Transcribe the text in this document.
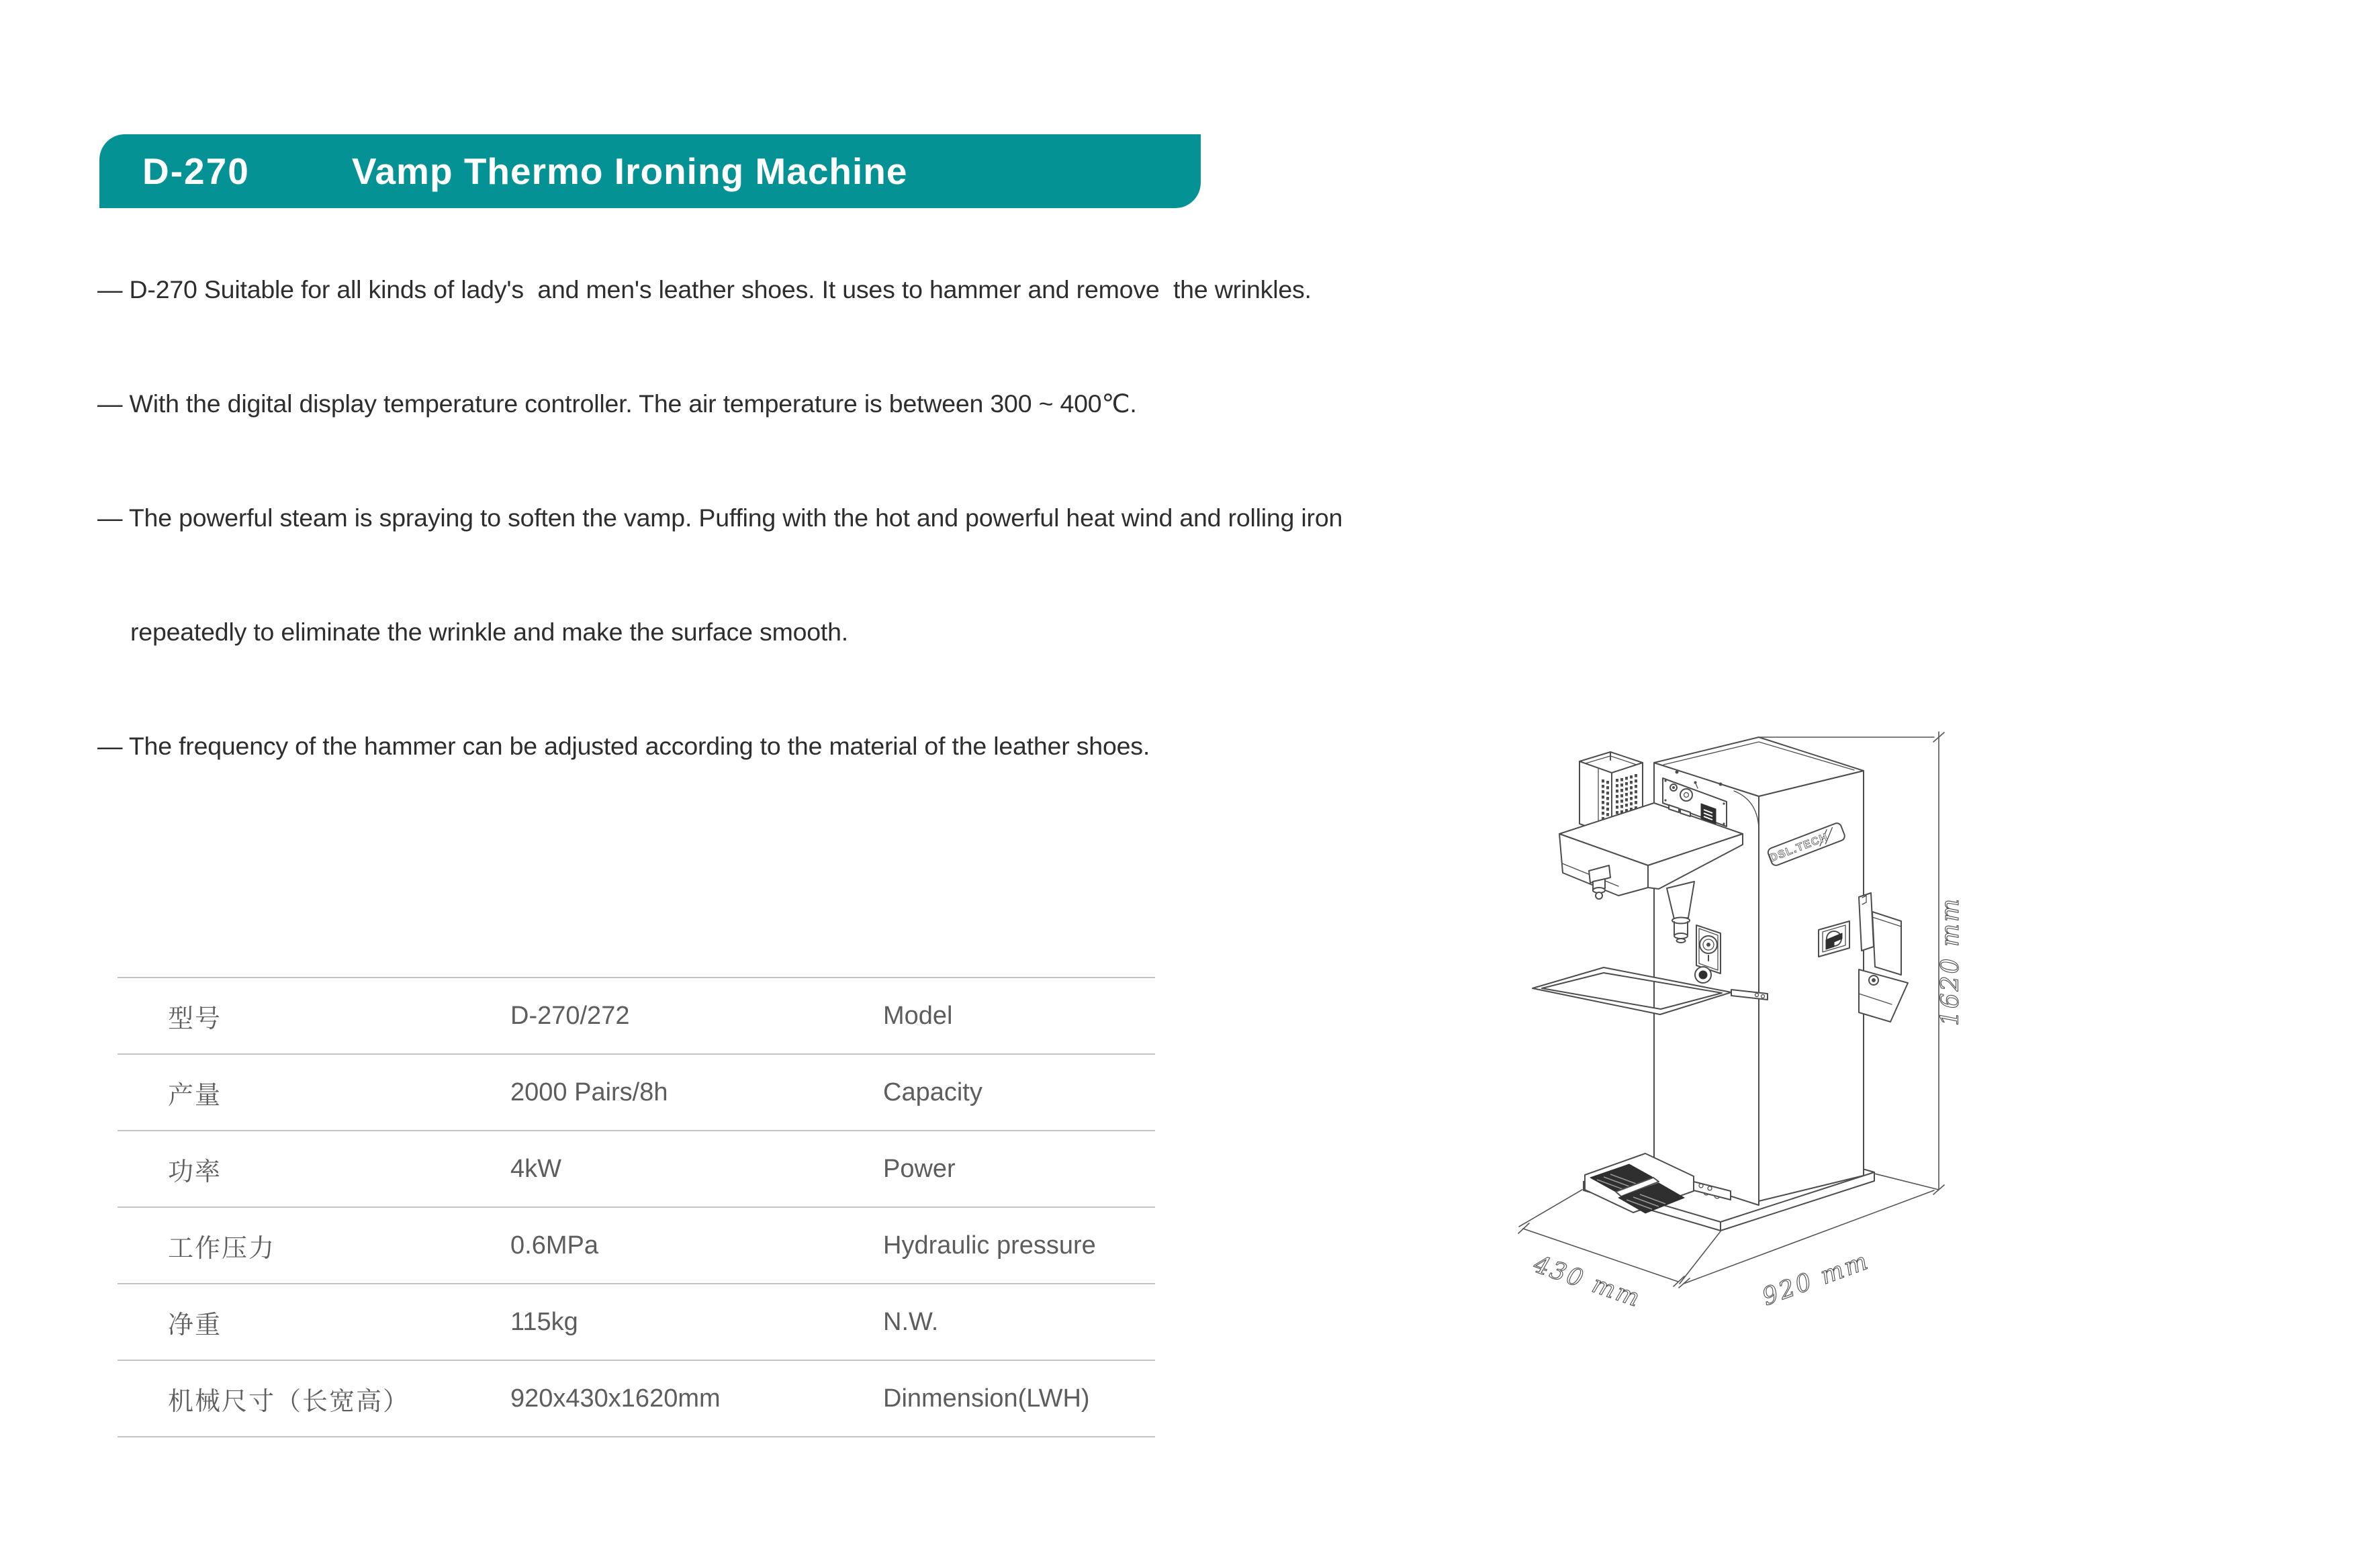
D-270	Vamp Thermo Ironing Machine

— D-270 Suitable for all kinds of lady's  and men's leather shoes. It uses to hammer and remove  the wrinkles.

— With the digital display temperature controller. The air temperature is between 300 ~ 400℃.

— The powerful steam is spraying to soften the vamp. Puffing with the hot and powerful heat wind and rolling iron

repeatedly to eliminate the wrinkle and make the surface smooth.

— The frequency of the hammer can be adjusted according to the material of the leather shoes.

型号	D-270/272	Model
产量	2000 Pairs/8h	Capacity
功率	4kW	Power
工作压力	0.6MPa	Hydraulic pressure
净重	115kg	N.W.
机械尺寸（长宽高）	920x430x1620mm	Dinmension(LWH)
DSL.TECH
1620 mm
430 mm	920 mm
